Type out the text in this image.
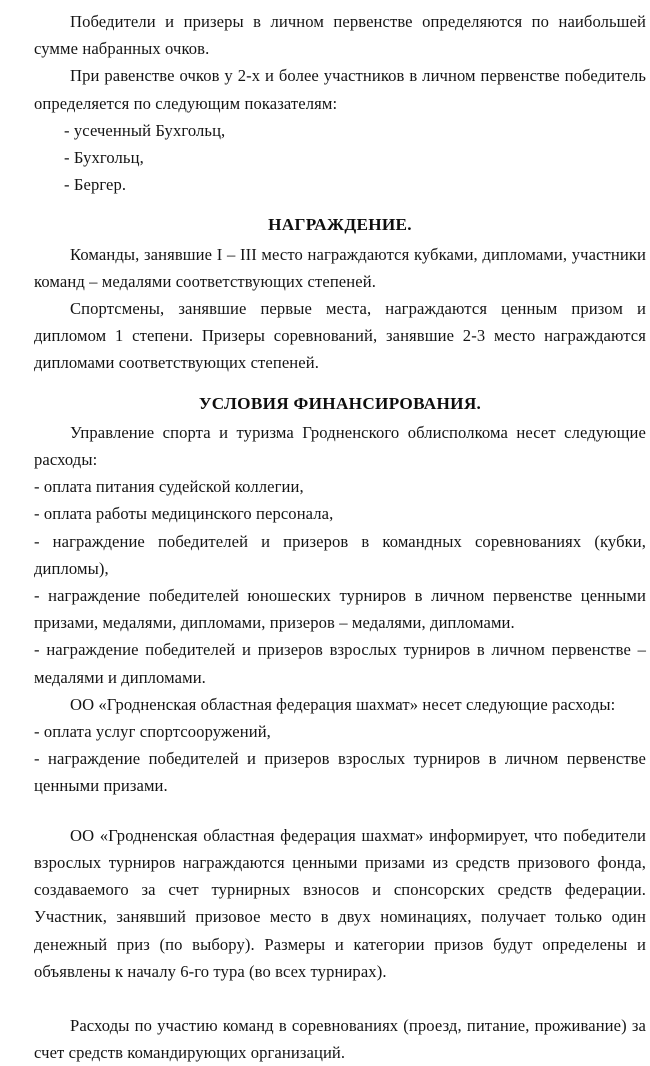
Победители и призеры в личном первенстве определяются по наибольшей сумме набранных очков.

При равенстве очков у 2-х и более участников в личном первенстве победитель определяется по следующим показателям:

- усеченный Бухгольц,

- Бухгольц,

- Бергер.

НАГРАЖДЕНИЕ.

Команды, занявшие I – III место награждаются кубками, дипломами, участники команд – медалями соответствующих степеней.

Спортсмены, занявшие первые места, награждаются ценным призом и дипломом 1 степени. Призеры соревнований, занявшие 2-3 место награждаются дипломами соответствующих степеней.

УСЛОВИЯ ФИНАНСИРОВАНИЯ.

Управление спорта и туризма Гродненского облисполкома несет следующие расходы:

- оплата питания судейской коллегии,

- оплата работы медицинского персонала,

- награждение победителей и призеров в командных соревнованиях (кубки, дипломы),

- награждение победителей юношеских турниров в личном первенстве ценными призами, медалями, дипломами, призеров – медалями, дипломами.

- награждение победителей и призеров взрослых турниров в личном первенстве – медалями и дипломами.

ОО «Гродненская областная федерация шахмат» несет следующие расходы:

- оплата услуг спортсооружений,

- награждение победителей и призеров взрослых турниров в личном первенстве ценными призами.

ОО «Гродненская областная федерация шахмат» информирует, что победители взрослых турниров награждаются ценными призами из средств призового фонда, создаваемого за счет турнирных взносов и спонсорских средств федерации. Участник, занявший призовое место в двух номинациях, получает только один денежный приз (по выбору). Размеры и категории призов будут определены и объявлены к началу 6-го тура (во всех турнирах).

Расходы по участию команд в соревнованиях (проезд, питание, проживание) за счет средств командирующих организаций.
